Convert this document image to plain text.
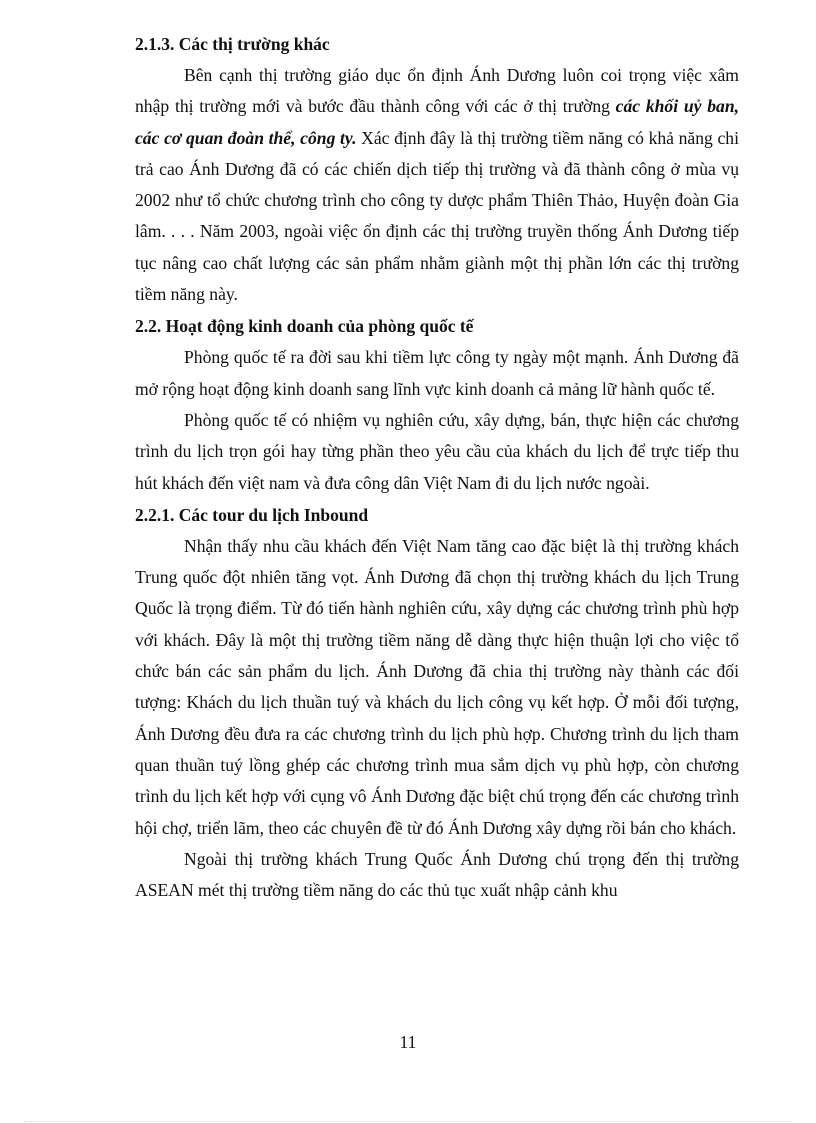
2.1.3. Các thị trường khác

Bên cạnh thị trường giáo dục ổn định Ánh Dương luôn coi trọng việc xâm nhập thị trường mới và bước đầu thành công với các ở thị trường các khối uỷ ban, các cơ quan đoàn thể, công ty. Xác định đây là thị trường tiềm năng có khả năng chi trả cao Ánh Dương đã có các chiến dịch tiếp thị trường và đã thành công ở mùa vụ 2002 như tổ chức chương trình cho công ty dược phẩm Thiên Thảo, Huyện đoàn Gia lâm. . . . Năm 2003, ngoài việc ổn định các thị trường truyền thống Ánh Dương tiếp tục nâng cao chất lượng các sản phẩm nhằm giành một thị phần lớn các thị trường tiềm năng này.

2.2. Hoạt động kinh doanh của phòng quốc tế

Phòng quốc tế ra đời sau khi tiềm lực công ty ngày một mạnh. Ánh Dương đã mở rộng hoạt động kinh doanh sang lĩnh vực kinh doanh cả mảng lữ hành quốc tế.

Phòng quốc tế có nhiệm vụ nghiên cứu, xây dựng, bán, thực hiện các chương trình du lịch trọn gói hay từng phần theo yêu cầu của khách du lịch để trực tiếp thu hút khách đến việt nam và đưa công dân Việt Nam đi du lịch nước ngoài.

2.2.1. Các tour du lịch Inbound

Nhận thấy nhu cầu khách đến Việt Nam tăng cao đặc biệt là thị trường khách Trung quốc đột nhiên tăng vọt. Ánh Dương đã chọn thị trường khách du lịch Trung Quốc là trọng điểm. Từ đó tiến hành nghiên cứu, xây dựng các chương trình phù hợp với khách. Đây là một thị trường tiềm năng dễ dàng thực hiện thuận lợi cho việc tổ chức bán các sản phẩm du lịch. Ánh Dương đã chia thị trường này thành các đối tượng: Khách du lịch thuần tuý và khách du lịch công vụ kết hợp. Ở mỗi đối tượng, Ánh Dương đều đưa ra các chương trình du lịch phù hợp. Chương trình du lịch tham quan thuần tuý lồng ghép các chương trình mua sắm dịch vụ phù hợp, còn chương trình du lịch kết hợp với cụng vô Ánh Dương đặc biệt chú trọng đến các chương trình hội chợ, triển lãm, theo các chuyên đề từ đó Ánh Dương xây dựng rồi bán cho khách.

Ngoài thị trường khách Trung Quốc Ánh Dương chú trọng đến thị trường ASEAN mét thị trường tiềm năng do các thủ tục xuất nhập cảnh khu

11
